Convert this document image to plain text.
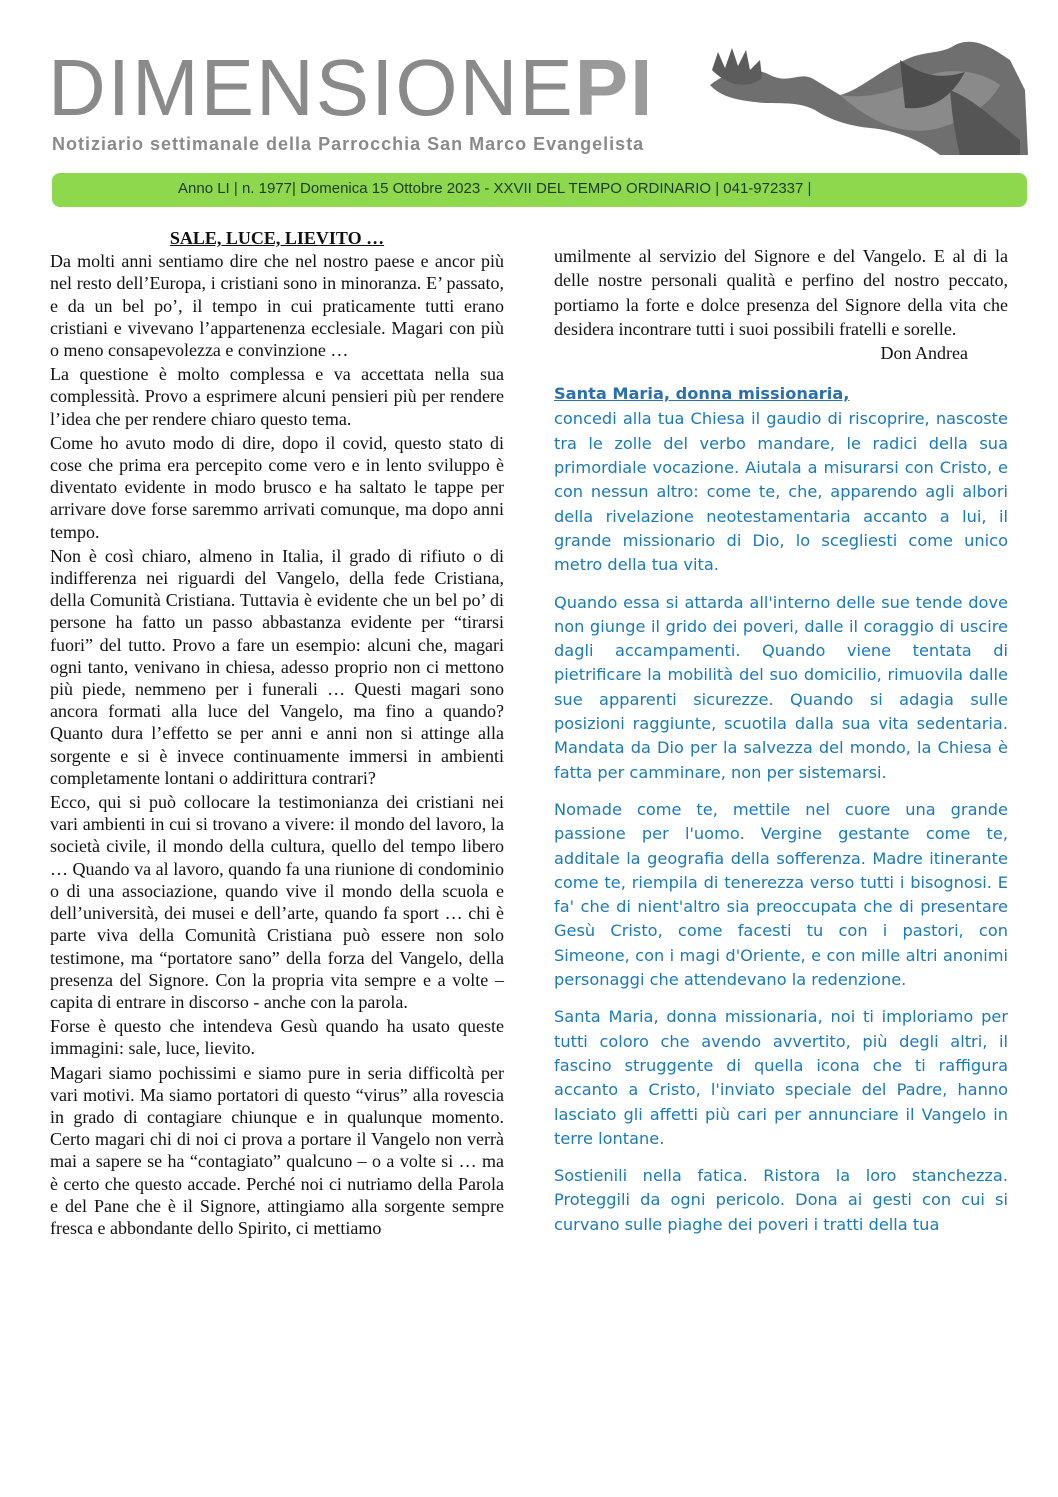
DIMENSIONEPI
Notiziario settimanale della Parrocchia San Marco Evangelista
Anno LI | n. 1977| Domenica 15 Ottobre 2023 - XXVII DEL TEMPO ORDINARIO | 041-972337 |
SALE, LUCE, LIEVITO …

Da molti anni sentiamo dire che nel nostro paese e ancor più nel resto dell’Europa, i cristiani sono in minoranza. E’ passato, e da un bel po’, il tempo in cui praticamente tutti erano cristiani e vivevano l’appartenenza ecclesiale. Magari con più o meno consapevolezza e convinzione …

La questione è molto complessa e va accettata nella sua complessità. Provo a esprimere alcuni pensieri più per rendere l’idea che per rendere chiaro questo tema.

Come ho avuto modo di dire, dopo il covid, questo stato di cose che prima era percepito come vero e in lento sviluppo è diventato evidente in modo brusco e ha saltato le tappe per arrivare dove forse saremmo arrivati comunque, ma dopo anni tempo.

Non è così chiaro, almeno in Italia, il grado di rifiuto o di indifferenza nei riguardi del Vangelo, della fede Cristiana, della Comunità Cristiana. Tuttavia è evidente che un bel po’ di persone ha fatto un passo abbastanza evidente per “tirarsi fuori” del tutto. Provo a fare un esempio: alcuni che, magari ogni tanto, venivano in chiesa, adesso proprio non ci mettono più piede, nemmeno per i funerali … Questi magari sono ancora formati alla luce del Vangelo, ma fino a quando? Quanto dura l’effetto se per anni e anni non si attinge alla sorgente e si è invece continuamente immersi in ambienti completamente lontani o addirittura contrari?

Ecco, qui si può collocare la testimonianza dei cristiani nei vari ambienti in cui si trovano a vivere: il mondo del lavoro, la società civile, il mondo della cultura, quello del tempo libero … Quando va al lavoro, quando fa una riunione di condominio o di una associazione, quando vive il mondo della scuola e dell’università, dei musei e dell’arte, quando fa sport … chi è parte viva della Comunità Cristiana può essere non solo testimone, ma “portatore sano” della forza del Vangelo, della presenza del Signore. Con la propria vita sempre e a volte – capita di entrare in discorso - anche con la parola.

Forse è questo che intendeva Gesù quando ha usato queste immagini: sale, luce, lievito.

Magari siamo pochissimi e siamo pure in seria difficoltà per vari motivi. Ma siamo portatori di questo “virus” alla rovescia in grado di contagiare chiunque e in qualunque momento. Certo magari chi di noi ci prova a portare il Vangelo non verrà mai a sapere se ha “contagiato” qualcuno – o a volte si … ma è certo che questo accade. Perché noi ci nutriamo della Parola e del Pane che è il Signore, attingiamo alla sorgente sempre fresca e abbondante dello Spirito, ci mettiamo

umilmente al servizio del Signore e del Vangelo. E al di la delle nostre personali qualità e perfino del nostro peccato, portiamo la forte e dolce presenza del Signore della vita che desidera incontrare tutti i suoi possibili fratelli e sorelle.

Don Andrea

Santa Maria, donna missionaria,

concedi alla tua Chiesa il gaudio di riscoprire, nascoste tra le zolle del verbo mandare, le radici della sua primordiale vocazione. Aiutala a misurarsi con Cristo, e con nessun altro: come te, che, apparendo agli albori della rivelazione neotestamentaria accanto a lui, il grande missionario di Dio, lo scegliesti come unico metro della tua vita.

Quando essa si attarda all'interno delle sue tende dove non giunge il grido dei poveri, dalle il coraggio di uscire dagli accampamenti. Quando viene tentata di pietrificare la mobilità del suo domicilio, rimuovila dalle sue apparenti sicurezze. Quando si adagia sulle posizioni raggiunte, scuotila dalla sua vita sedentaria. Mandata da Dio per la salvezza del mondo, la Chiesa è fatta per camminare, non per sistemarsi.

Nomade come te, mettile nel cuore una grande passione per l'uomo. Vergine gestante come te, additale la geografia della sofferenza. Madre itinerante come te, riempila di tenerezza verso tutti i bisognosi. E fa' che di nient'altro sia preoccupata che di presentare Gesù Cristo, come facesti tu con i pastori, con Simeone, con i magi d'Oriente, e con mille altri anonimi personaggi che attendevano la redenzione.

Santa Maria, donna missionaria, noi ti imploriamo per tutti coloro che avendo avvertito, più degli altri, il fascino struggente di quella icona che ti raffigura accanto a Cristo, l'inviato speciale del Padre, hanno lasciato gli affetti più cari per annunciare il Vangelo in terre lontane.

Sostienili nella fatica. Ristora la loro stanchezza. Proteggili da ogni pericolo. Dona ai gesti con cui si curvano sulle piaghe dei poveri i tratti della tua
